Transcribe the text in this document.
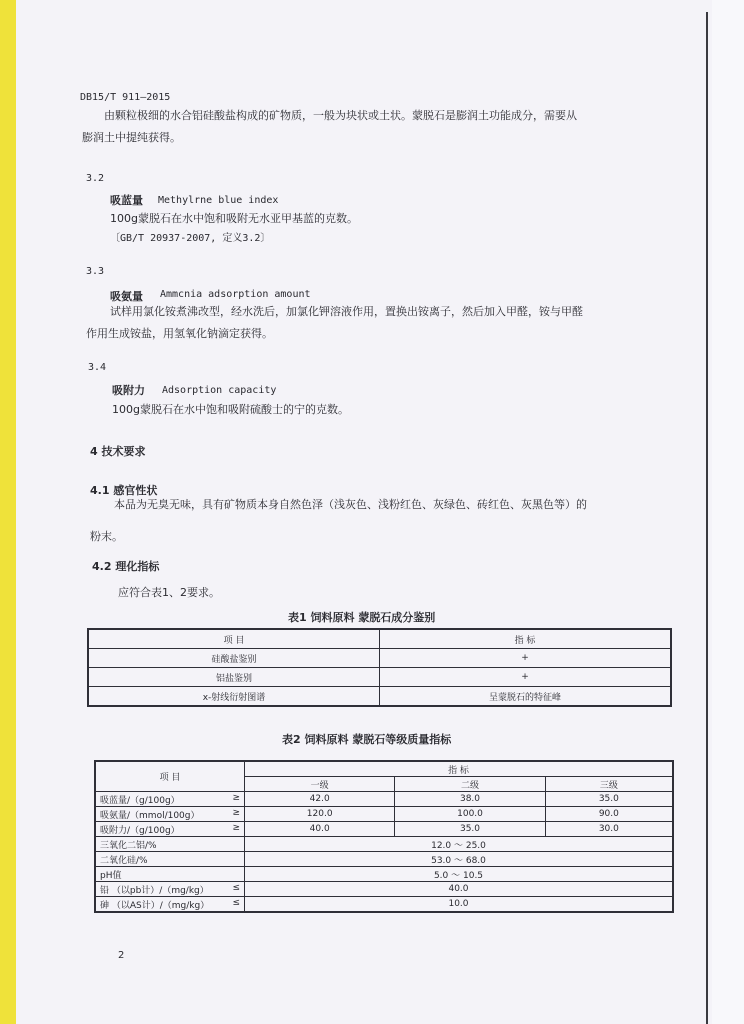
DB15/T 911—2015
由颗粒极细的水合铝硅酸盐构成的矿物质，一般为块状或土状。蒙脱石是膨润土功能成分，需要从
膨润土中提纯获得。
3.2
吸蓝量 Methylrne blue index
100g蒙脱石在水中饱和吸附无水亚甲基蓝的克数。
〔GB/T 20937-2007, 定义3.2〕
3.3
吸氨量 Ammcnia adsorption amount
试样用氯化铵煮沸改型，经水洗后，加氯化钾溶液作用，置换出铵离子，然后加入甲醛，铵与甲醛
作用生成铵盐，用氢氧化钠滴定获得。
3.4
吸附力 Adsorption capacity
100g蒙脱石在水中饱和吸附硫酸士的宁的克数。
4 技术要求
4.1 感官性状
本品为无臭无味，具有矿物质本身自然色泽（浅灰色、浅粉红色、灰绿色、砖红色、灰黑色等）的
粉末。
4.2 理化指标
应符合表1、2要求。
表1 饲料原料 蒙脱石成分鉴别
项 目	指 标
硅酸盐鉴别	+
铝盐鉴别	+
x-射线衍射图谱	呈蒙脱石的特征峰
表2 饲料原料 蒙脱石等级质量指标
项 目	指 标		
	一级	二级	三级
吸蓝量/（g/100g） ≥	42.0	38.0	35.0
吸氨量/（mmol/100g） ≥	120.0	100.0	90.0
吸附力/（g/100g） ≥	40.0	35.0	30.0
三氧化二铝/%	12.0 ～ 25.0		
二氧化硅/%	53.0 ～ 68.0		
pH值	5.0 ～ 10.5		
铅 （以pb计）/（mg/kg） ≤	40.0		
砷 （以AS计）/（mg/kg） ≤	10.0		
2
